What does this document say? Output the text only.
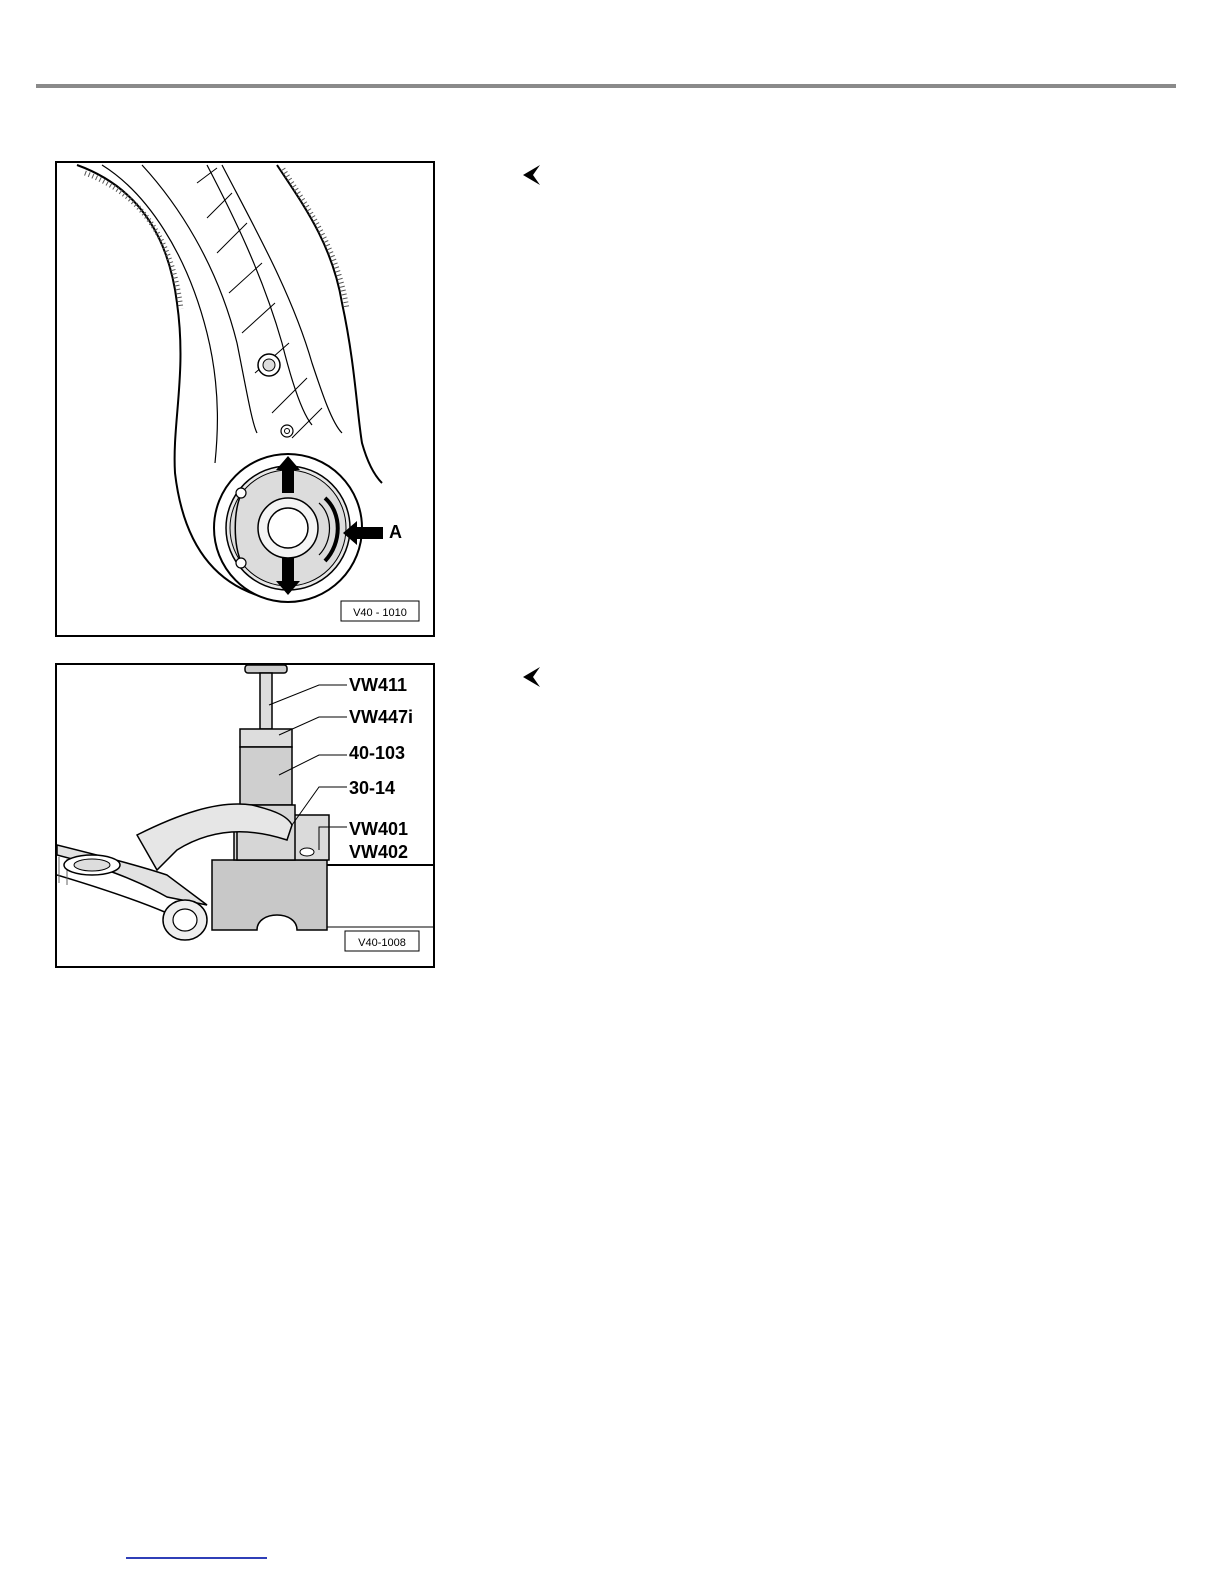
A
V40 - 1010
VW411
VW447i
40-103
30-14
VW401
VW402
V40-1008
